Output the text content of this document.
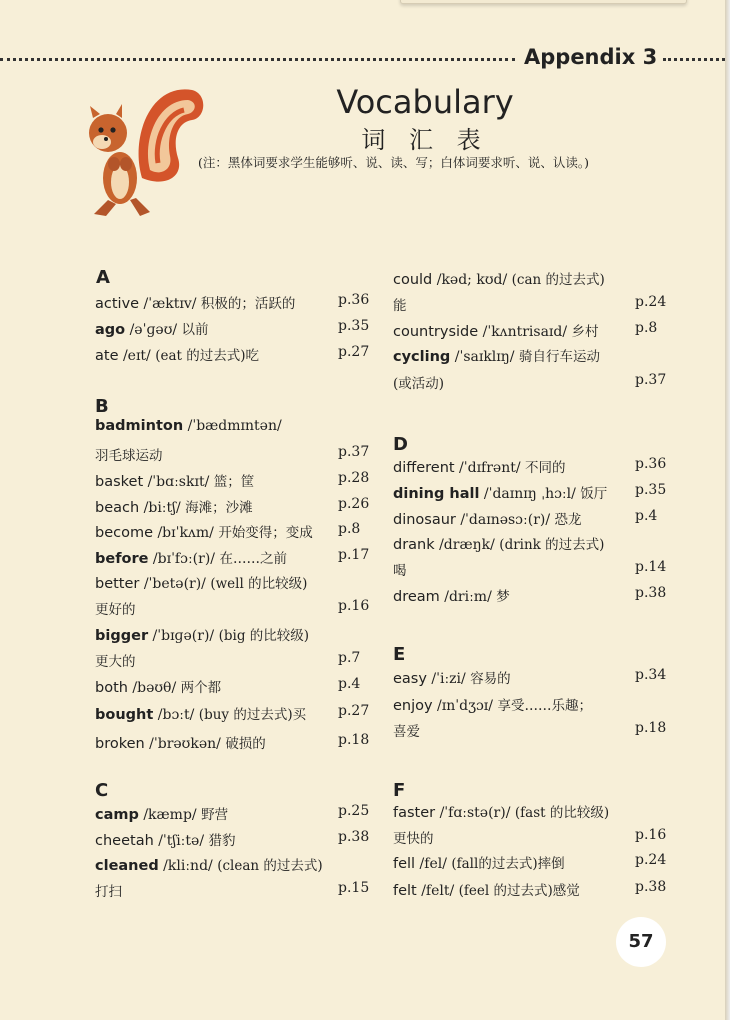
Appendix 3
Vocabulary
词 汇 表
(注：黑体词要求学生能够听、说、读、写；白体词要求听、说、认读。)
A
B
C
active /ˈæktɪv/ 积极的；活跃的	p.36
ago /əˈɡəʊ/ 以前	p.35
ate /eɪt/ (eat 的过去式)吃	p.27
badminton /ˈbædmɪntən/
羽毛球运动	p.37
basket /ˈbɑːskɪt/ 篮；筐	p.28
beach /biːtʃ/ 海滩；沙滩	p.26
become /bɪˈkʌm/ 开始变得；变成 p.8
before /bɪˈfɔː(r)/ 在……之前	p.17
better /ˈbetə(r)/ (well 的比较级)
更好的	p.16
bigger /ˈbɪɡə(r)/ (big 的比较级)
更大的	p.7
both /bəʊθ/ 两个都	p.4
bought /bɔːt/ (buy 的过去式)买 p.27
broken /ˈbrəʊkən/ 破损的	p.18
camp /kæmp/ 野营	p.25
cheetah /ˈtʃiːtə/ 猎豹	p.38
cleaned /kliːnd/ (clean 的过去式)
打扫	p.15
could /kəd; kʊd/ (can 的过去式)
能	p.24
countryside /ˈkʌntrisaɪd/ 乡村	p.8
cycling /ˈsaɪklɪŋ/ 骑自行车运动
(或活动)	p.37
different /ˈdɪfrənt/ 不同的	p.36
dining hall /ˈdaɪnɪŋ ˌhɔːl/ 饭厅 p.35
dinosaur /ˈdaɪnəsɔː(r)/ 恐龙	p.4
drank /dræŋk/ (drink 的过去式)
喝	p.14
dream /driːm/ 梦	p.38
easy /ˈiːzi/ 容易的	p.34
enjoy /ɪnˈdʒɔɪ/ 享受……乐趣；
喜爱	p.18
faster /ˈfɑːstə(r)/ (fast 的比较级)
更快的	p.16
fell /fel/ (fall的过去式)摔倒	p.24
felt /felt/ (feel 的过去式)感觉	p.38
D
E
F
57
